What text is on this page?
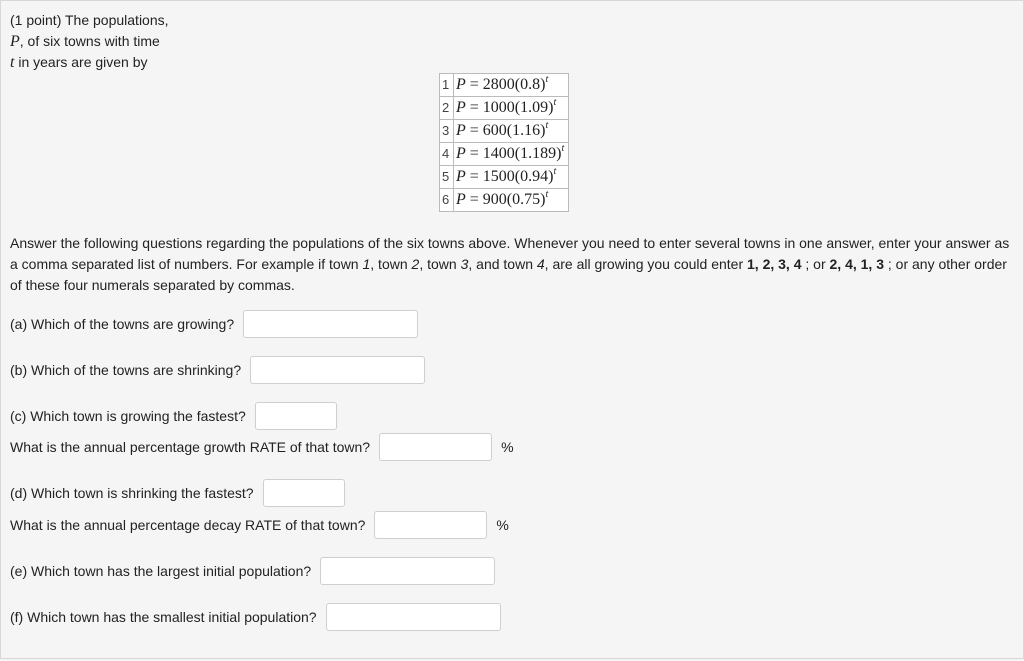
(1 point) The populations,
P, of six towns with time
t in years are given by
1	$P = 2800(0.8)^t$
2	$P = 1000(1.09)^t$
3	$P = 600(1.16)^t$
4	$P = 1400(1.189)^t$
5	$P = 1500(0.94)^t$
6	$P = 900(0.75)^t$
Answer the following questions regarding the populations of the six towns above. Whenever you need to enter several towns in one answer, enter your answer as a comma separated list of numbers. For example if town 1, town 2, town 3, and town 4, are all growing you could enter 1, 2, 3, 4 ; or 2, 4, 1, 3 ; or any other order of these four numerals separated by commas.
(a) Which of the towns are growing?
(b) Which of the towns are shrinking?
(c) Which town is growing the fastest?
What is the annual percentage growth RATE of that town?	%
(d) Which town is shrinking the fastest?
What is the annual percentage decay RATE of that town?	%
(e) Which town has the largest initial population?
(f) Which town has the smallest initial population?
